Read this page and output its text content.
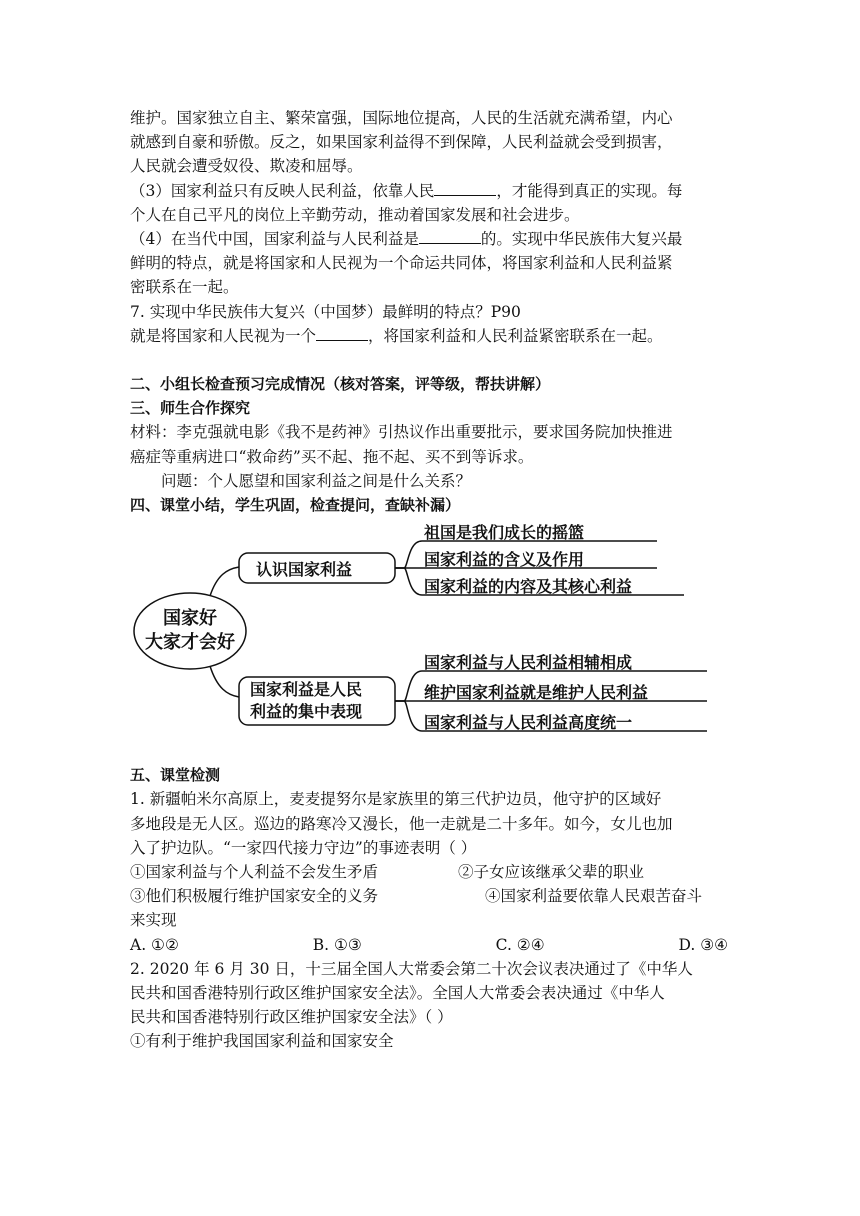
维护。国家独立自主、繁荣富强，国际地位提高，人民的生活就充满希望，内心

就感到自豪和骄傲。反之，如果国家利益得不到保障，人民利益就会受到损害，

人民就会遭受奴役、欺凌和屈辱。

（3）国家利益只有反映人民利益，依靠人民	，才能得到真正的实现。每

个人在自己平凡的岗位上辛勤劳动，推动着国家发展和社会进步。

（4）在当代中国，国家利益与人民利益是	的。实现中华民族伟大复兴最

鲜明的特点，就是将国家和人民视为一个命运共同体，将国家利益和人民利益紧

密联系在一起。

7. 实现中华民族伟大复兴（中国梦）最鲜明的特点？P90

就是将国家和人民视为一个	，将国家利益和人民利益紧密联系在一起。

二、小组长检查预习完成情况（核对答案，评等级，帮扶讲解）

三、师生合作探究

材料：李克强就电影《我不是药神》引热议作出重要批示，要求国务院加快推进

癌症等重病进口“救命药”买不起、拖不起、买不到等诉求。

问题：个人愿望和国家利益之间是什么关系？

四、课堂小结，学生巩固，检查提问，查缺补漏）

国家好
大家才会好
认识国家利益
国家利益是人民
利益的集中表现
祖国是我们成长的摇篮
国家利益的含义及作用
国家利益的内容及其核心利益
国家利益与人民利益相辅相成
维护国家利益就是维护人民利益
国家利益与人民利益高度统一

五、课堂检测

1. 新疆帕米尔高原上，麦麦提努尔是家族里的第三代护边员，他守护的区域好

多地段是无人区。巡边的路寒冷又漫长，他一走就是二十多年。如今，女儿也加

入了护边队。“一家四代接力守边”的事迹表明（ ）

①国家利益与个人利益不会发生矛盾	②子女应该继承父辈的职业
③他们积极履行维护国家安全的义务	④国家利益要依靠人民艰苦奋斗

来实现

A. ①②	B. ①③	C. ②④	D. ③④

2. 2020 年 6 月 30 日，十三届全国人大常委会第二十次会议表决通过了《中华人

民共和国香港特别行政区维护国家安全法》。全国人大常委会表决通过《中华人

民共和国香港特别行政区维护国家安全法》（ ）

①有利于维护我国国家利益和国家安全
